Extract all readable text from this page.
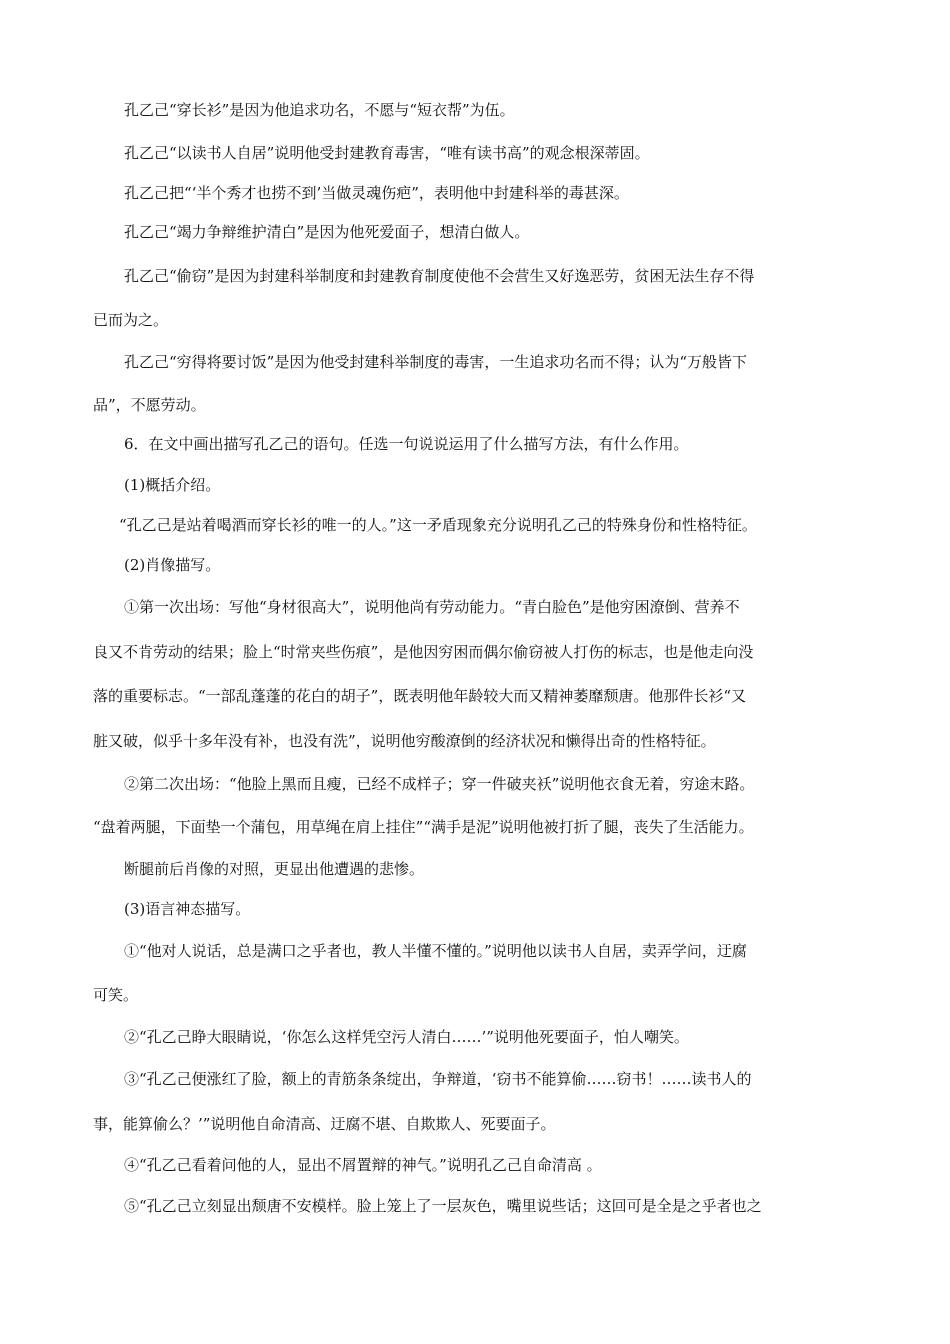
孔乙己“穿长衫”是因为他追求功名，不愿与“短衣帮”为伍。
孔乙己“以读书人自居”说明他受封建教育毒害，“唯有读书高”的观念根深蒂固。
孔乙己把“‘半个秀才也捞不到’当做灵魂伤疤”，表明他中封建科举的毒甚深。
孔乙己“竭力争辩维护清白”是因为他死爱面子，想清白做人。
孔乙己“偷窃”是因为封建科举制度和封建教育制度使他不会营生又好逸恶劳，贫困无法生存不得
已而为之。
孔乙己“穷得将要讨饭”是因为他受封建科举制度的毒害，一生追求功名而不得；认为“万般皆下
品”，不愿劳动。
6．在文中画出描写孔乙己的语句。任选一句说说运用了什么描写方法，有什么作用。
(1)概括介绍。
“孔乙己是站着喝酒而穿长衫的唯一的人。”这一矛盾现象充分说明孔乙己的特殊身份和性格特征。
(2)肖像描写。
①第一次出场：写他“身材很高大”，说明他尚有劳动能力。“青白脸色”是他穷困潦倒、营养不
良又不肯劳动的结果；脸上“时常夹些伤痕”，是他因穷困而偶尔偷窃被人打伤的标志，也是他走向没
落的重要标志。“一部乱蓬蓬的花白的胡子”，既表明他年龄较大而又精神萎靡颓唐。他那件长衫“又
脏又破，似乎十多年没有补，也没有洗”，说明他穷酸潦倒的经济状况和懒得出奇的性格特征。
②第二次出场：“他脸上黑而且瘦，已经不成样子；穿一件破夹袄”说明他衣食无着，穷途末路。
“盘着两腿，下面垫一个蒲包，用草绳在肩上挂住”“满手是泥”说明他被打折了腿，丧失了生活能力。
断腿前后肖像的对照，更显出他遭遇的悲惨。
(3)语言神态描写。
①“他对人说话，总是满口之乎者也，教人半懂不懂的。”说明他以读书人自居，卖弄学问，迂腐
可笑。
②“孔乙己睁大眼睛说，‘你怎么这样凭空污人清白……’”说明他死要面子，怕人嘲笑。
③“孔乙己便涨红了脸，额上的青筋条条绽出，争辩道，‘窃书不能算偷……窃书！……读书人的
事，能算偷么？’”说明他自命清高、迂腐不堪、自欺欺人、死要面子。
④“孔乙己看着问他的人，显出不屑置辩的神气。”说明孔乙己自命清高 。
⑤“孔乙己立刻显出颓唐不安模样。脸上笼上了一层灰色，嘴里说些话；这回可是全是之乎者也之
